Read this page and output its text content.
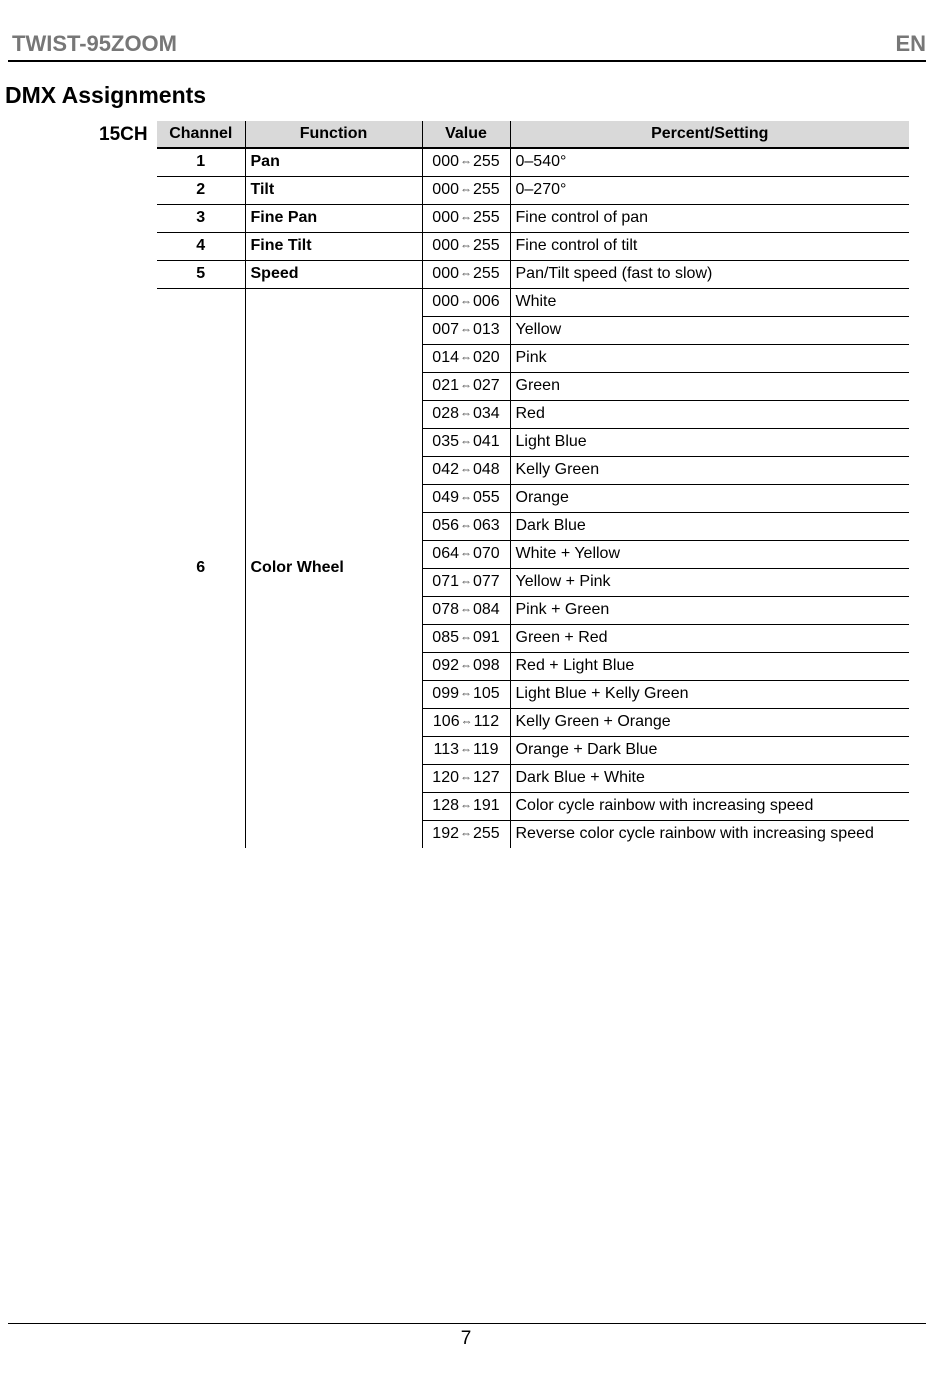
TWIST-95ZOOM	EN
DMX Assignments
15CH Channel	Function	Value	Percent/Setting
1	Pan	000⇔255	0–540°
2	Tilt	000⇔255	0–270°
3	Fine Pan	000⇔255	Fine control of pan
4	Fine Tilt	000⇔255	Fine control of tilt
5	Speed	000⇔255	Pan/Tilt speed (fast to slow)
6	Color Wheel	000⇔006	White
		007⇔013	Yellow
		014⇔020	Pink
		021⇔027	Green
		028⇔034	Red
		035⇔041	Light Blue
		042⇔048	Kelly Green
		049⇔055	Orange
		056⇔063	Dark Blue
		064⇔070	White + Yellow
		071⇔077	Yellow + Pink
		078⇔084	Pink + Green
		085⇔091	Green + Red
		092⇔098	Red + Light Blue
		099⇔105	Light Blue + Kelly Green
		106⇔112	Kelly Green + Orange
		113⇔119	Orange + Dark Blue
		120⇔127	Dark Blue + White
		128⇔191	Color cycle rainbow with increasing speed
		192⇔255	Reverse color cycle rainbow with increasing speed
7
